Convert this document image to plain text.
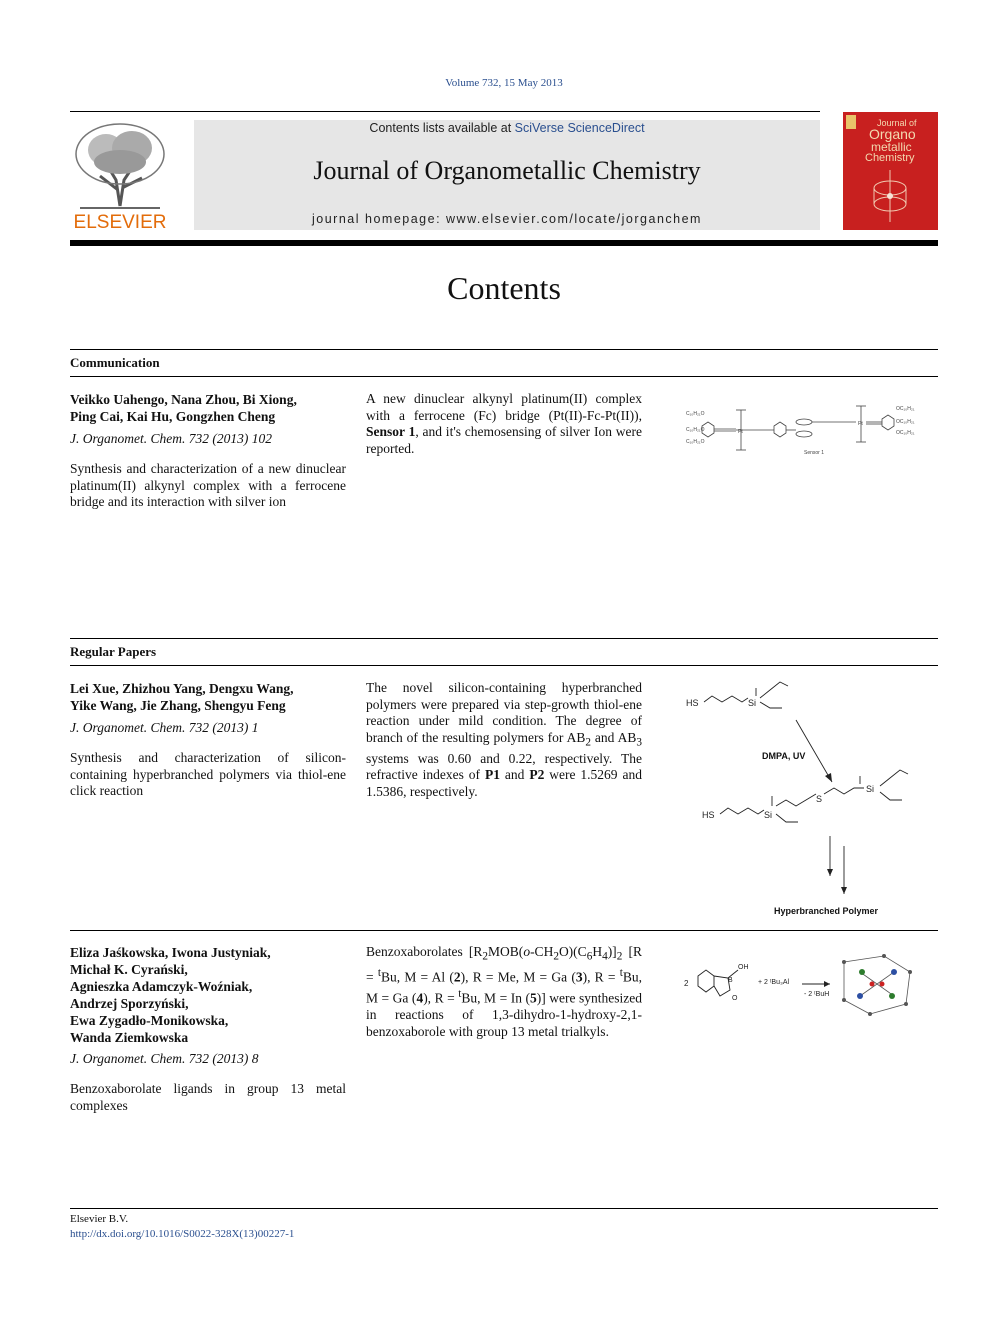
Volume 732, 15 May 2013
ELSEVIER
Contents lists available at SciVerse ScienceDirect
Journal of Organometallic Chemistry
journal homepage: www.elsevier.com/locate/jorganchem
Journal of
Organo
metallic
Chemistry
Contents
Communication
Veikko Uahengo, Nana Zhou, Bi Xiong,
Ping Cai, Kai Hu, Gongzhen Cheng
J. Organomet. Chem. 732 (2013) 102
Synthesis and characterization of a new dinuclear platinum(II) alkynyl complex with a ferrocene bridge and its interaction with silver ion
A new dinuclear alkynyl platinum(II) complex with a ferrocene (Fc) bridge (Pt(II)-Fc-Pt(II)), Sensor 1, and it's chemosensing of silver Ion were reported.
C₁₀H₂₁O
C₁₀H₂₁O
C₁₀H₂₁O
Pt
Pt
OC₁₀H₂₁
OC₁₀H₂₁
OC₁₀H₂₁
Sensor 1
Regular Papers
Lei Xue, Zhizhou Yang, Dengxu Wang,
Yike Wang, Jie Zhang, Shengyu Feng
J. Organomet. Chem. 732 (2013) 1
Synthesis and characterization of silicon-containing hyperbranched polymers via thiol-ene click reaction
The novel silicon-containing hyperbranched polymers were prepared via step-growth thiol-ene reaction under mild condition. The degree of branch of the resulting polymers for $AB_2$ and $AB_3$ systems was 0.60 and 0.22, respectively. The refractive indexes of P1 and P2 were 1.5269 and 1.5386, respectively.
HS	Si
DMPA, UV
HS	Si
S
Si
Hyperbranched Polymer
Eliza Jaśkowska, Iwona Justyniak,
Michał K. Cyrański,
Agnieszka Adamczyk-Woźniak,
Andrzej Sporzyński,
Ewa Zygadło-Monikowska,
Wanda Ziemkowska
J. Organomet. Chem. 732 (2013) 8
Benzoxaborolate ligands in group 13 metal complexes
Benzoxaborolates $[R_2MOB(o-CH_2O)(C_6H_4)]_2$ [R = $^t$Bu, M = Al (2), R = Me, M = Ga (3), R = $^t$Bu, M = Ga (4), R = $^t$Bu, M = In (5)] were synthesized in reactions of 1,3-dihydro-1-hydroxy-2,1-benzoxaborole with group 13 metal trialkyls.
2
OH
B
O
+ 2 ᵗBu₃Al
- 2 ᵗBuH
Elsevier B.V.
http://dx.doi.org/10.1016/S0022-328X(13)00227-1
